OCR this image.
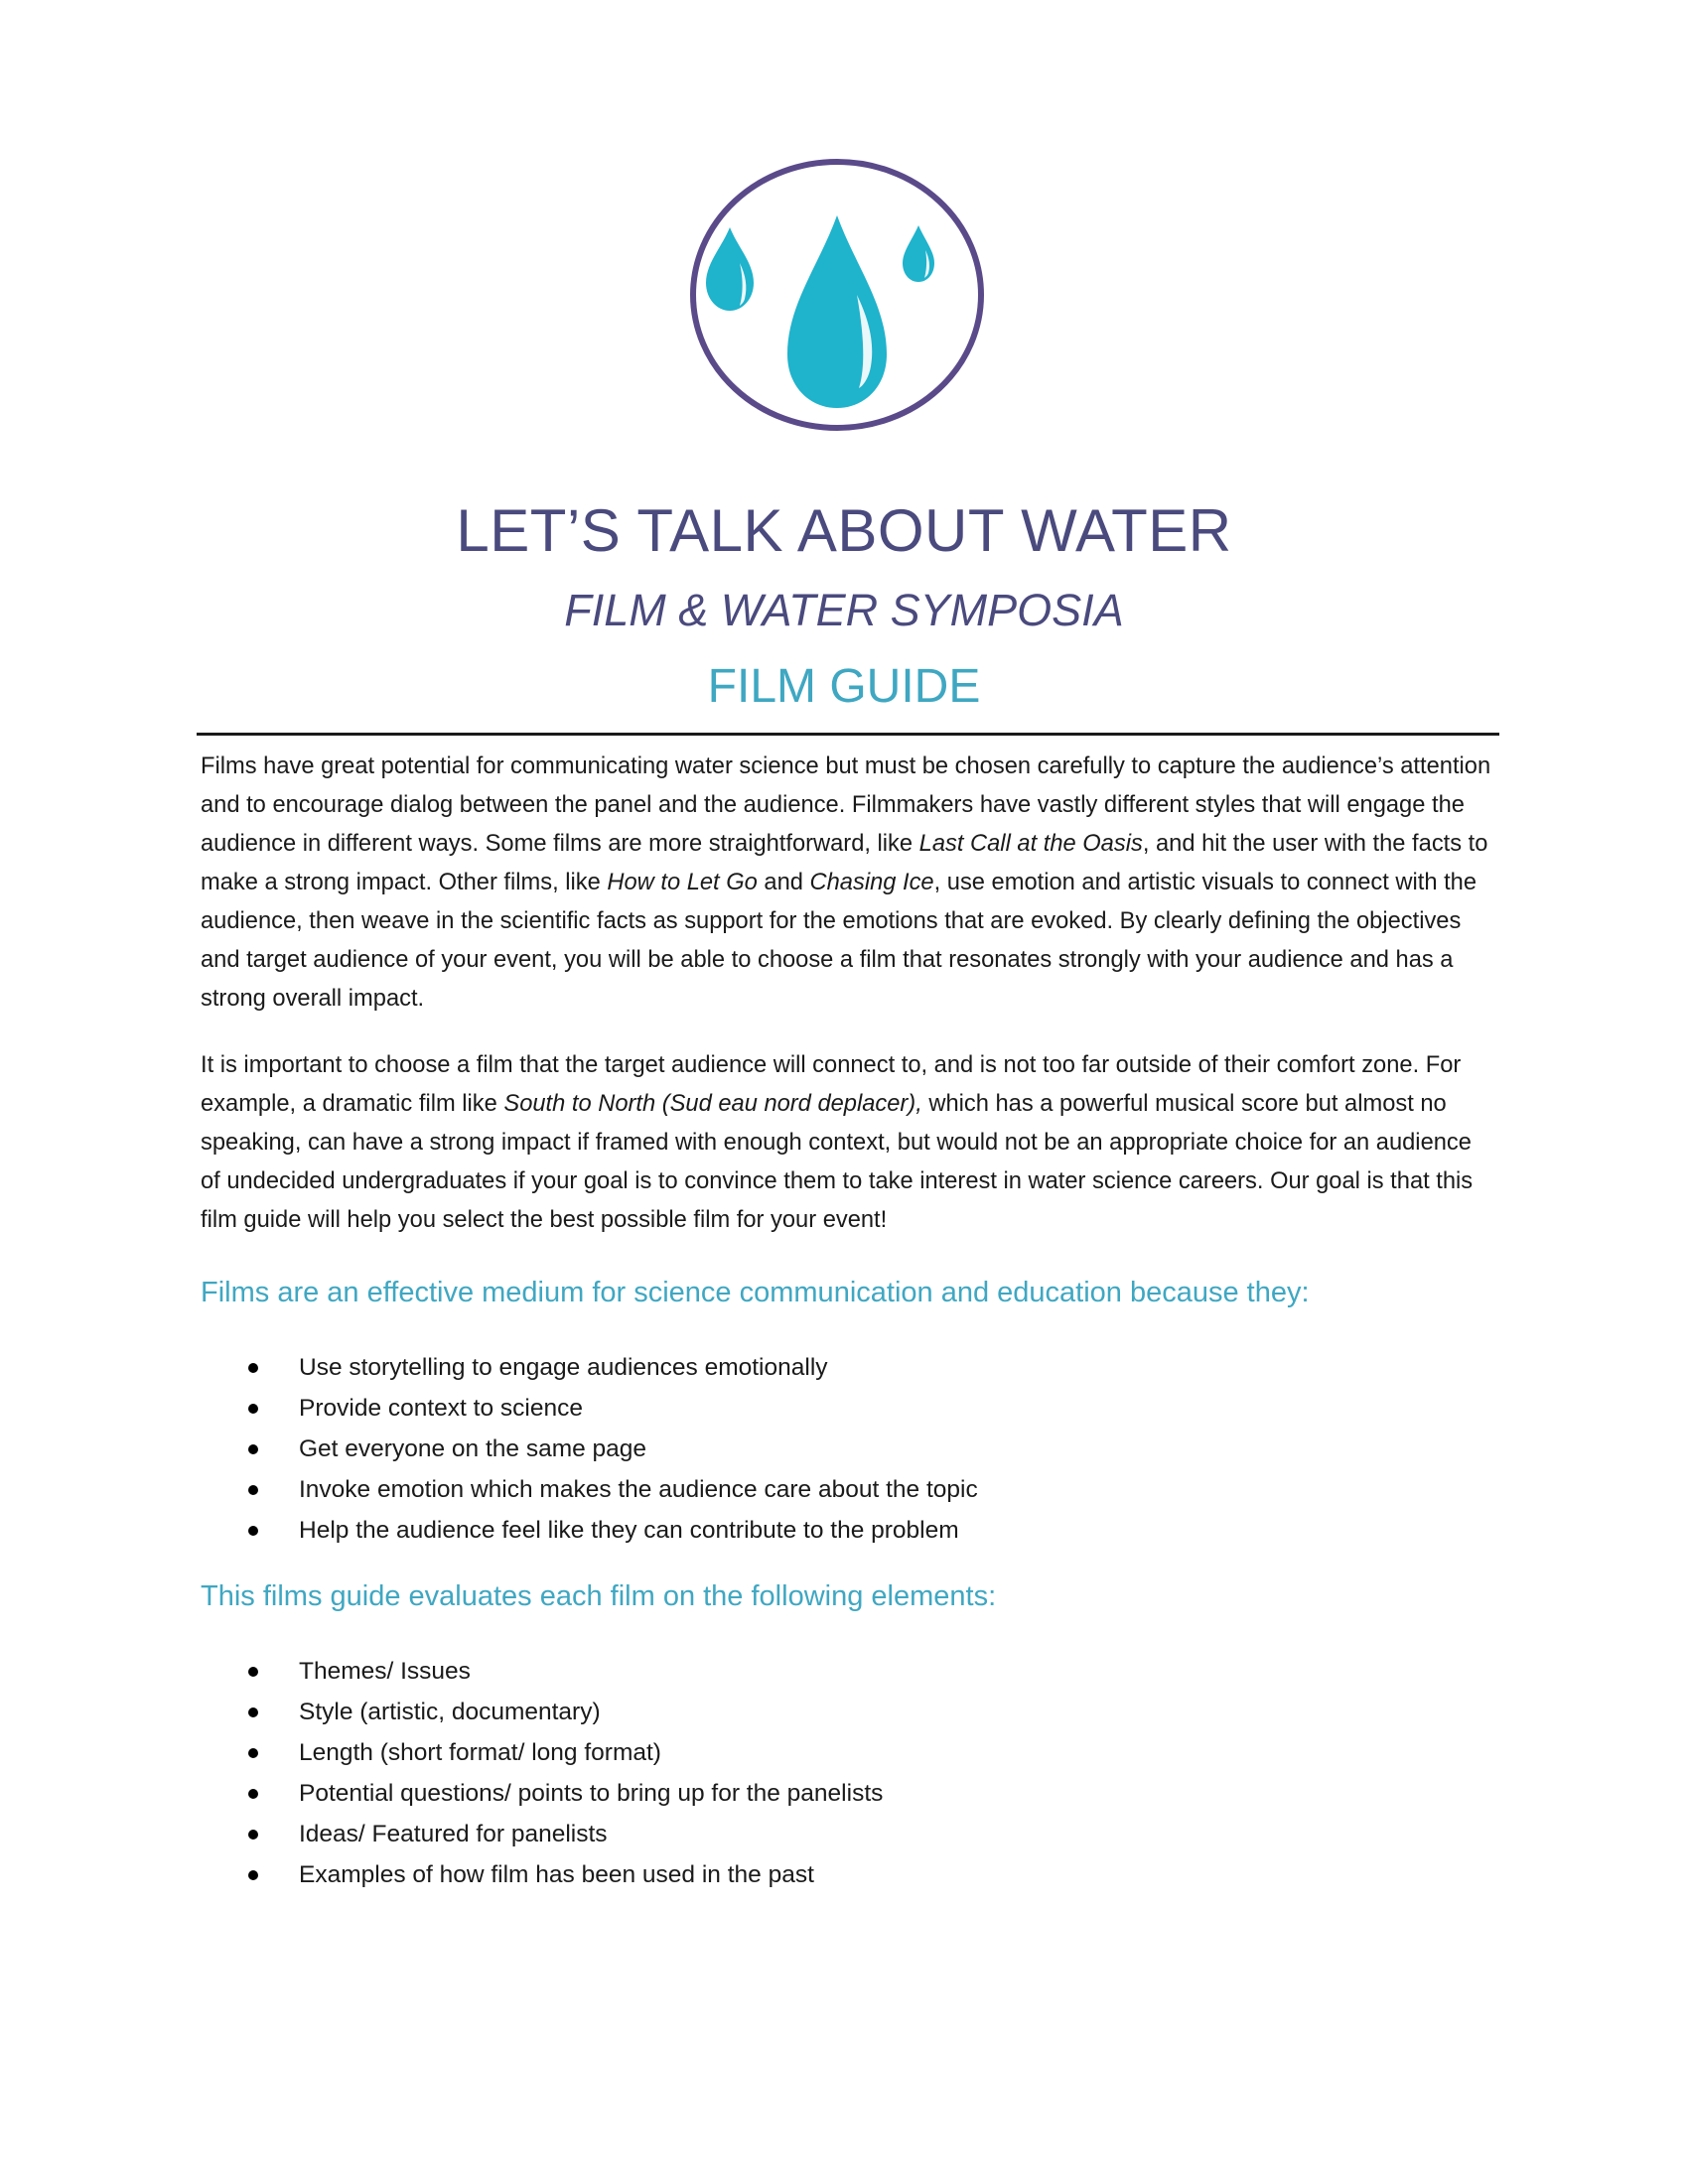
LET’S TALK ABOUT WATER
FILM & WATER SYMPOSIA
FILM GUIDE

Films have great potential for communicating water science but must be chosen carefully to capture the audience’s attention and to encourage dialog between the panel and the audience. Filmmakers have vastly different styles that will engage the audience in different ways. Some films are more straightforward, like Last Call at the Oasis, and hit the user with the facts to make a strong impact. Other films, like How to Let Go and Chasing Ice, use emotion and artistic visuals to connect with the audience, then weave in the scientific facts as support for the emotions that are evoked. By clearly defining the objectives and target audience of your event, you will be able to choose a film that resonates strongly with your audience and has a strong overall impact.

It is important to choose a film that the target audience will connect to, and is not too far outside of their comfort zone. For example, a dramatic film like South to North (Sud eau nord deplacer), which has a powerful musical score but almost no speaking, can have a strong impact if framed with enough context, but would not be an appropriate choice for an audience of undecided undergraduates if your goal is to convince them to take interest in water science careers. Our goal is that this film guide will help you select the best possible film for your event!

Films are an effective medium for science communication and education because they:
Use storytelling to engage audiences emotionally
Provide context to science
Get everyone on the same page
Invoke emotion which makes the audience care about the topic
Help the audience feel like they can contribute to the problem
This films guide evaluates each film on the following elements:
Themes/ Issues
Style (artistic, documentary)
Length (short format/ long format)
Potential questions/ points to bring up for the panelists
Ideas/ Featured for panelists
Examples of how film has been used in the past
